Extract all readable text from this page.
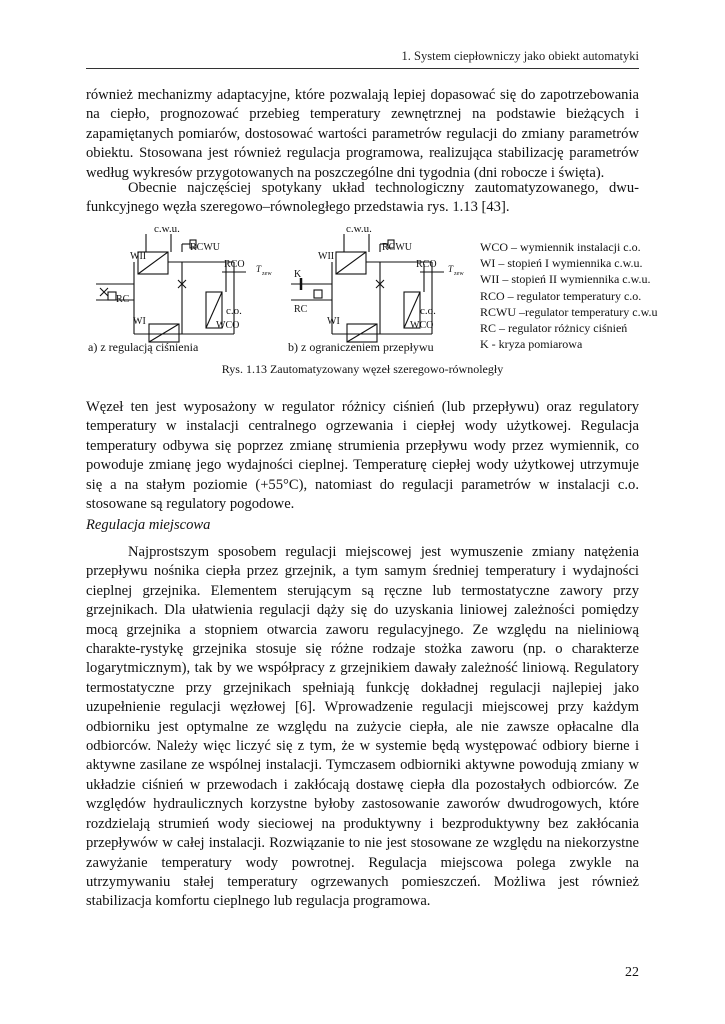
1. System ciepłowniczy jako obiekt automatyki

również mechanizmy adaptacyjne, które pozwalają lepiej dopasować się do zapotrzebowania na ciepło, prognozować przebieg temperatury zewnętrznej na podstawie bieżących i zapamiętanych pomiarów, dostosować wartości parametrów regulacji do zmiany parametrów obiektu. Stosowana jest również regulacja programowa, realizująca stabilizację parametrów według wykresów przygotowanych na poszczególne dni tygodnia (dni robocze i święta).

Obecnie najczęściej spotykany układ technologiczny zautomatyzowanego, dwu-funkcyjnego węzła szeregowo–równoległego przedstawia rys. 1.13 [43].

c.w.u.
RCWU
WII
RCO T zew
RC
c.o.
WI	WCO
c.w.u.
RCWU
WII
RCO T zew
K
RC	c.o.
WI	WCO
WCO – wymiennik instalacji c.o.
WI – stopień I wymiennika c.w.u.
WII – stopień II wymiennika c.w.u.
RCO – regulator temperatury c.o.
RCWU –regulator temperatury c.w.u
RC – regulator różnicy ciśnień
K - kryza pomiarowa
a) z regulacją ciśnienia	b) z ograniczeniem przepływu
Rys. 1.13 Zautomatyzowany węzeł szeregowo-równoległy

Węzeł ten jest wyposażony w regulator różnicy ciśnień (lub przepływu) oraz regulatory temperatury w instalacji centralnego ogrzewania i ciepłej wody użytkowej. Regulacja temperatury odbywa się poprzez zmianę strumienia przepływu wody przez wymiennik, co powoduje zmianę jego wydajności cieplnej. Temperaturę ciepłej wody użytkowej utrzymuje się a na stałym poziomie (+55°C), natomiast do regulacji parametrów w instalacji c.o. stosowane są regulatory pogodowe.

Regulacja miejscowa

Najprostszym sposobem regulacji miejscowej jest wymuszenie zmiany natężenia przepływu nośnika ciepła przez grzejnik, a tym samym średniej temperatury i wydajności cieplnej grzejnika. Elementem sterującym są ręczne lub termostatyczne zawory przy grzejnikach. Dla ułatwienia regulacji dąży się do uzyskania liniowej zależności pomiędzy mocą grzejnika a stopniem otwarcia zaworu regulacyjnego. Ze względu na nieliniową charakte-rystykę grzejnika stosuje się różne rodzaje stożka zaworu (np. o charakterze logarytmicznym), tak by we współpracy z grzejnikiem dawały zależność liniową. Regulatory termostatyczne przy grzejnikach spełniają funkcję dokładnej regulacji najlepiej jako uzupełnienie regulacji węzłowej [6]. Wprowadzenie regulacji miejscowej przy każdym odbiorniku jest optymalne ze względu na zużycie ciepła, ale nie zawsze opłacalne dla odbiorców. Należy więc liczyć się z tym, że w systemie będą występować odbiory bierne i aktywne zasilane ze wspólnej instalacji. Tymczasem odbiorniki aktywne powodują zmiany w układzie ciśnień w przewodach i zakłócają dostawę ciepła dla pozostałych odbiorców. Ze względów hydraulicznych korzystne byłoby zastosowanie zaworów dwudrogowych, które rozdzielają strumień wody sieciowej na produktywny i bezproduktywny bez zakłócania przepływów w całej instalacji. Rozwiązanie to nie jest stosowane ze względu na niekorzystne zawyżanie temperatury wody powrotnej. Regulacja miejscowa polega zwykle na utrzymywaniu stałej temperatury ogrzewanych pomieszczeń. Możliwa jest również stabilizacja komfortu cieplnego lub regulacja programowa.

22
